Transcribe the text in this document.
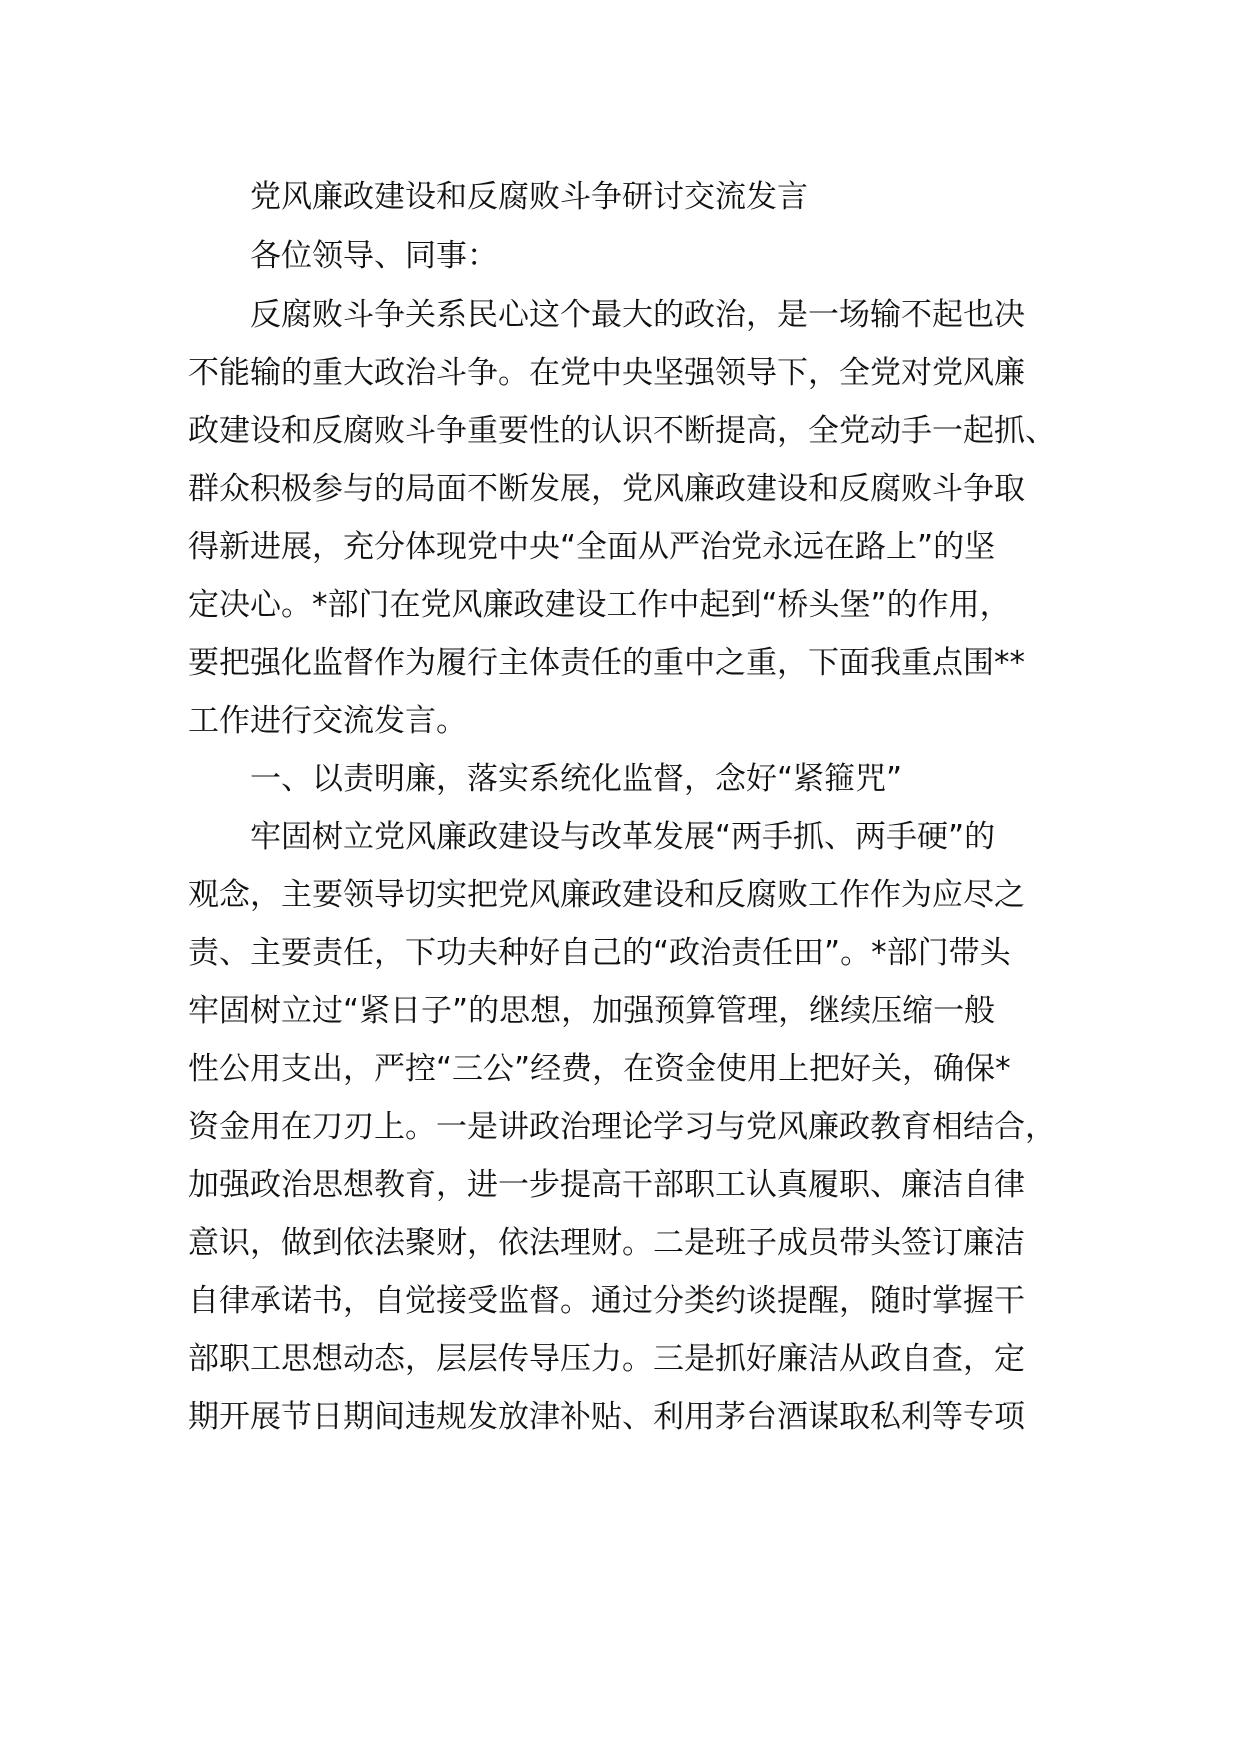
党风廉政建设和反腐败斗争研讨交流发言
各位领导、同事：
反腐败斗争关系民心这个最大的政治，是一场输不起也决
不能输的重大政治斗争。在党中央坚强领导下，全党对党风廉
政建设和反腐败斗争重要性的认识不断提高，全党动手一起抓、
群众积极参与的局面不断发展，党风廉政建设和反腐败斗争取
得新进展，充分体现党中央“全面从严治党永远在路上”的坚
定决心。*部门在党风廉政建设工作中起到“桥头堡”的作用，
要把强化监督作为履行主体责任的重中之重，下面我重点围**
工作进行交流发言。
一、以责明廉，落实系统化监督，念好“紧箍咒”
牢固树立党风廉政建设与改革发展“两手抓、两手硬”的
观念，主要领导切实把党风廉政建设和反腐败工作作为应尽之
责、主要责任，下功夫种好自己的“政治责任田”。*部门带头
牢固树立过“紧日子”的思想，加强预算管理，继续压缩一般
性公用支出，严控“三公”经费，在资金使用上把好关，确保*
资金用在刀刃上。一是讲政治理论学习与党风廉政教育相结合，
加强政治思想教育，进一步提高干部职工认真履职、廉洁自律
意识，做到依法聚财，依法理财。二是班子成员带头签订廉洁
自律承诺书，自觉接受监督。通过分类约谈提醒，随时掌握干
部职工思想动态，层层传导压力。三是抓好廉洁从政自查，定
期开展节日期间违规发放津补贴、利用茅台酒谋取私利等专项
